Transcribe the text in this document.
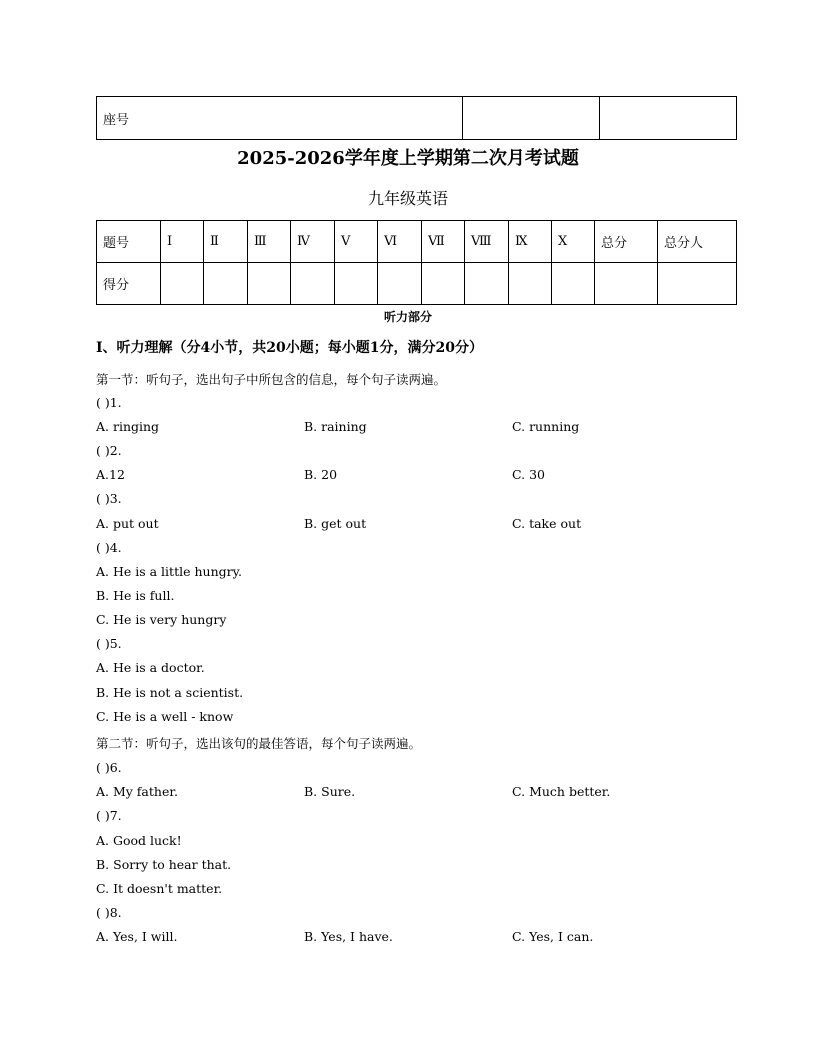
座号		
2025-2026学年度上学期第二次月考试题
九年级英语
题号	Ⅰ	Ⅱ	Ⅲ	Ⅳ	Ⅴ	Ⅵ	Ⅶ	Ⅷ	Ⅸ	Ⅹ	总分	总分人
得分												
听力部分
Ⅰ、听力理解（分4小节，共20小题；每小题1分，满分20分）
第一节：听句子，选出句子中所包含的信息，每个句子读两遍。
( )1.
A. ringing	B. raining	C. running
( )2.
A.12	B. 20	C. 30
( )3.
A. put out	B. get out	C. take out
( )4.
A. He is a little hungry.
B. He is full.
C. He is very hungry
( )5.
A. He is a doctor.
B. He is not a scientist.
C. He is a well - know
第二节：听句子，选出该句的最佳答语，每个句子读两遍。
( )6.
A. My father.	B. Sure.	C. Much better.
( )7.
A. Good luck!
B. Sorry to hear that.
C. It doesn't matter.
( )8.
A. Yes, I will.	B. Yes, I have.	C. Yes, I can.
